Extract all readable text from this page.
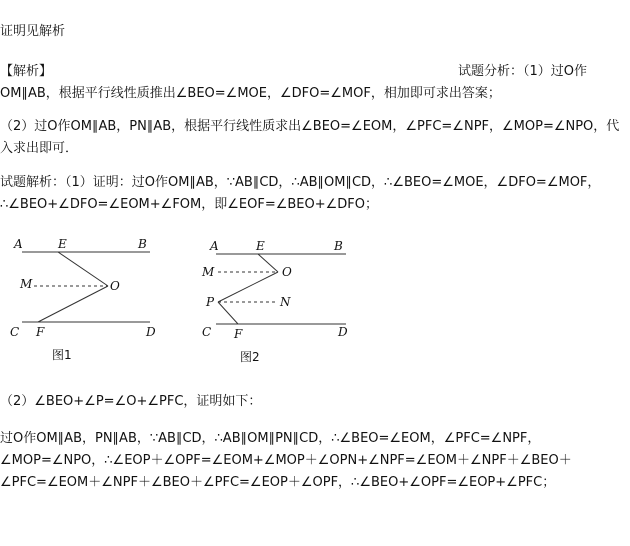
证明见解析
【解析】	试题分析：（1）过O作
OM∥AB，根据平行线性质推出∠BEO=∠MOE，∠DFO=∠MOF，相加即可求出答案；
（2）过O作OM∥AB，PN∥AB，根据平行线性质求出∠BEO=∠EOM，∠PFC=∠NPF，∠MOP=∠NPO，代入求出即可．
试题解析：（1）证明：过O作OM∥AB，∵AB∥CD，∴AB∥OM∥CD，∴∠BEO=∠MOE，∠DFO=∠MOF，∴∠BEO+∠DFO=∠EOM+∠FOM，即∠EOF=∠BEO+∠DFO；
A	E	B
M	O
C F	D
图1
A	E	B
M	O
P	N
C F	D
图2
（2）∠BEO+∠P=∠O+∠PFC，证明如下：
过O作OM∥AB，PN∥AB，∵AB∥CD，∴AB∥OM∥PN∥CD，∴∠BEO=∠EOM，∠PFC=∠NPF，∠MOP=∠NPO，∴∠EOP＋∠OPF=∠EOM+∠MOP＋∠OPN+∠NPF=∠EOM＋∠NPF＋∠BEO＋∠PFC=∠EOM＋∠NPF＋∠BEO＋∠PFC=∠EOP＋∠OPF，∴∠BEO+∠OPF=∠EOP+∠PFC；
